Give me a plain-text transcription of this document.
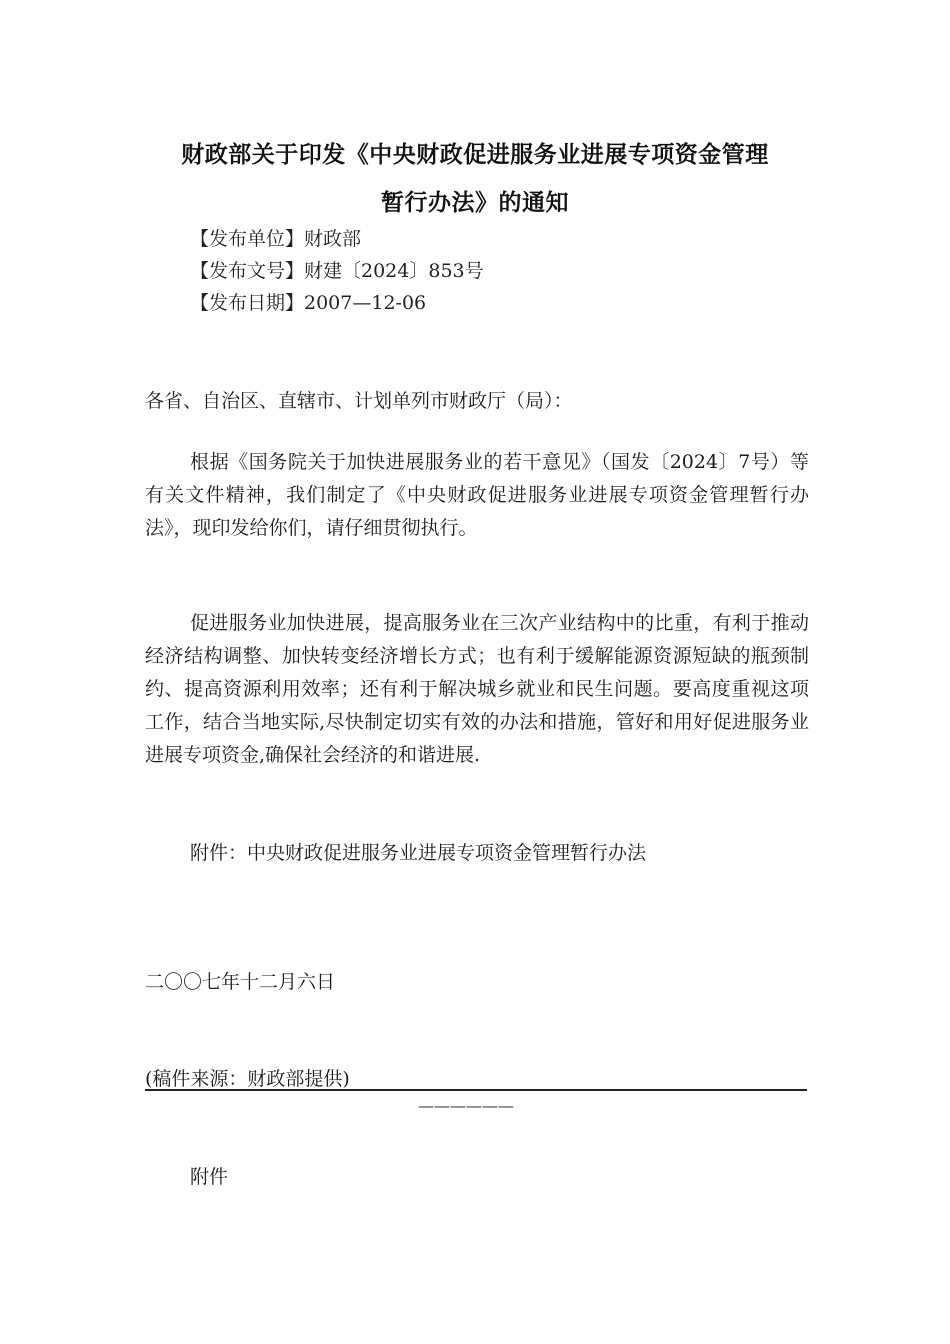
财政部关于印发《中央财政促进服务业进展专项资金管理
暂行办法》的通知
【发布单位】财政部
【发布文号】财建〔2024〕853号
【发布日期】2007—12-06
各省、自治区、直辖市、计划单列市财政厅（局）：

根据《国务院关于加快进展服务业的若干意见》（国发〔2024〕7号）等有关文件精神，我们制定了《中央财政促进服务业进展专项资金管理暂行办法》，现印发给你们，请仔细贯彻执行。

促进服务业加快进展，提高服务业在三次产业结构中的比重，有利于推动经济结构调整、加快转变经济增长方式；也有利于缓解能源资源短缺的瓶颈制约、提高资源利用效率；还有利于解决城乡就业和民生问题。要高度重视这项工作，结合当地实际,尽快制定切实有效的办法和措施，管好和用好促进服务业进展专项资金,确保社会经济的和谐进展.

附件：中央财政促进服务业进展专项资金管理暂行办法
二〇〇七年十二月六日
(稿件来源：财政部提供)
——————
附件
